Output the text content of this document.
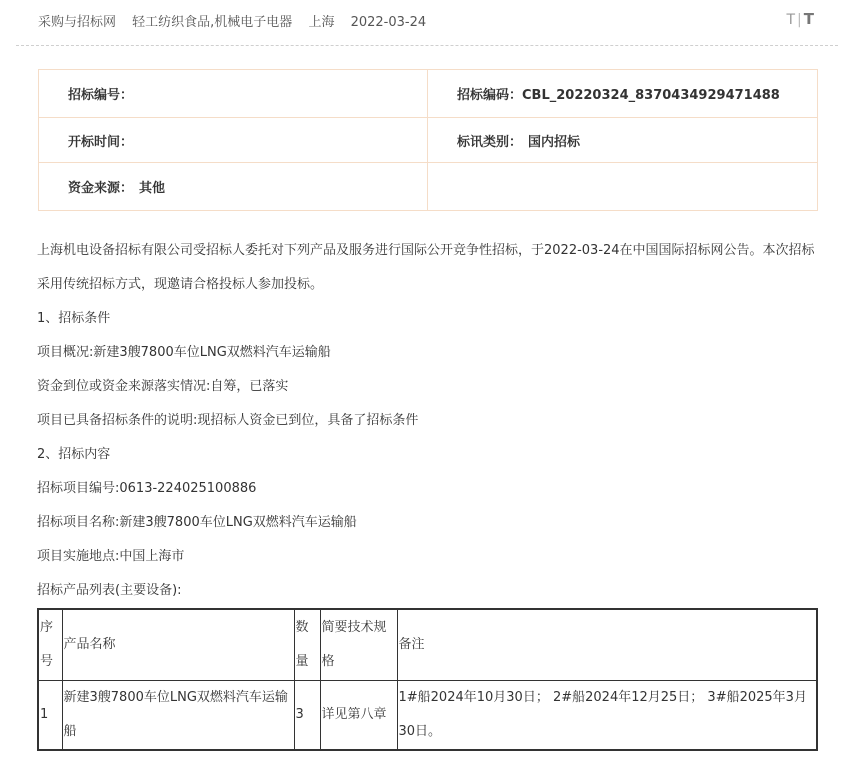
采购与招标网 轻工纺织食品,机械电子电器 上海 2022-03-24	T | T
招标编号：	招标编码：CBL_20220324_8370434929471488
开标时间：	标讯类别： 国内招标
资金来源： 其他	

上海机电设备招标有限公司受招标人委托对下列产品及服务进行国际公开竞争性招标，于2022-03-24在中国国际招标网公告。本次招标采用传统招标方式，现邀请合格投标人参加投标。

1、招标条件

项目概况:新建3艘7800车位LNG双燃料汽车运输船

资金到位或资金来源落实情况:自筹，已落实

项目已具备招标条件的说明:现招标人资金已到位，具备了招标条件

2、招标内容

招标项目编号:0613-224025100886

招标项目名称:新建3艘7800车位LNG双燃料汽车运输船

项目实施地点:中国上海市

招标产品列表(主要设备):

序号	产品名称	数量	简要技术规格	备注
1	新建3艘7800车位LNG双燃料汽车运输船	3	详见第八章	1#船2024年10月30日； 2#船2024年12月25日； 3#船2025年3月30日。
